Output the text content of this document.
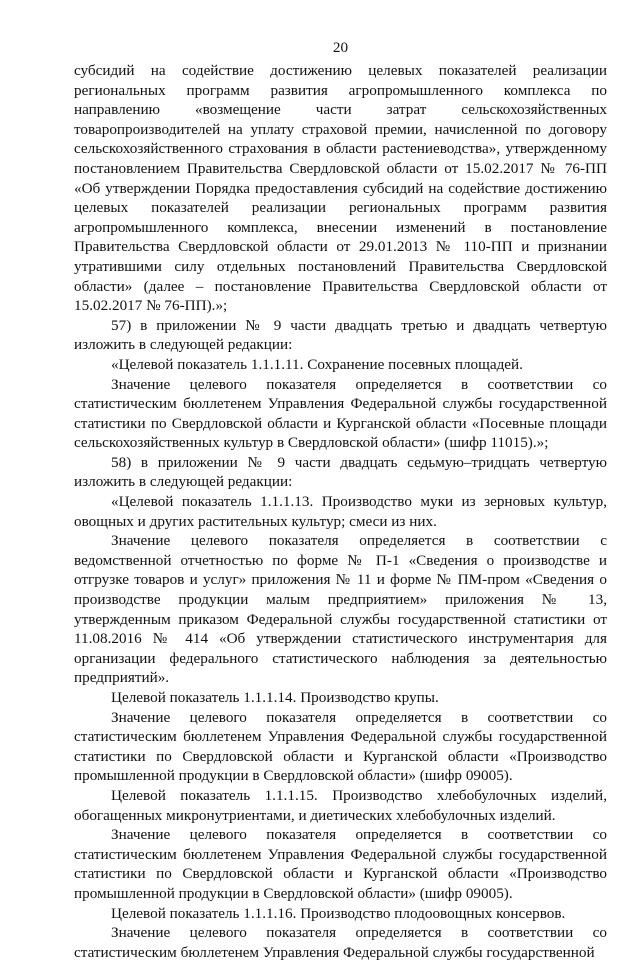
20

субсидий на содействие достижению целевых показателей реализации региональных программ развития агропромышленного комплекса по направлению «возмещение части затрат сельскохозяйственных товаропроизводителей на уплату страховой премии, начисленной по договору сельскохозяйственного страхования в области растениеводства», утвержденному постановлением Правительства Свердловской области от 15.02.2017 № 76-ПП «Об утверждении Порядка предоставления субсидий на содействие достижению целевых показателей реализации региональных программ развития агропромышленного комплекса, внесении изменений в постановление Правительства Свердловской области от 29.01.2013 № 110-ПП и признании утратившими силу отдельных постановлений Правительства Свердловской области» (далее – постановление Правительства Свердловской области от 15.02.2017 № 76-ПП).»;

57) в приложении № 9 части двадцать третью и двадцать четвертую изложить в следующей редакции:

«Целевой показатель 1.1.1.11. Сохранение посевных площадей.

Значение целевого показателя определяется в соответствии со статистическим бюллетенем Управления Федеральной службы государственной статистики по Свердловской области и Курганской области «Посевные площади сельскохозяйственных культур в Свердловской области» (шифр 11015).»;

58) в приложении № 9 части двадцать седьмую–тридцать четвертую изложить в следующей редакции:

«Целевой показатель 1.1.1.13. Производство муки из зерновых культур, овощных и других растительных культур; смеси из них.

Значение целевого показателя определяется в соответствии с ведомственной отчетностью по форме № П-1 «Сведения о производстве и отгрузке товаров и услуг» приложения № 11 и форме № ПМ-пром «Сведения о производстве продукции малым предприятием» приложения № 13, утвержденным приказом Федеральной службы государственной статистики от 11.08.2016 № 414 «Об утверждении статистического инструментария для организации федерального статистического наблюдения за деятельностью предприятий».

Целевой показатель 1.1.1.14. Производство крупы.

Значение целевого показателя определяется в соответствии со статистическим бюллетенем Управления Федеральной службы государственной статистики по Свердловской области и Курганской области «Производство промышленной продукции в Свердловской области» (шифр 09005).

Целевой показатель 1.1.1.15. Производство хлебобулочных изделий, обогащенных микронутриентами, и диетических хлебобулочных изделий.

Значение целевого показателя определяется в соответствии со статистическим бюллетенем Управления Федеральной службы государственной статистики по Свердловской области и Курганской области «Производство промышленной продукции в Свердловской области» (шифр 09005).

Целевой показатель 1.1.1.16. Производство плодоовощных консервов.

Значение целевого показателя определяется в соответствии со статистическим бюллетенем Управления Федеральной службы государственной
